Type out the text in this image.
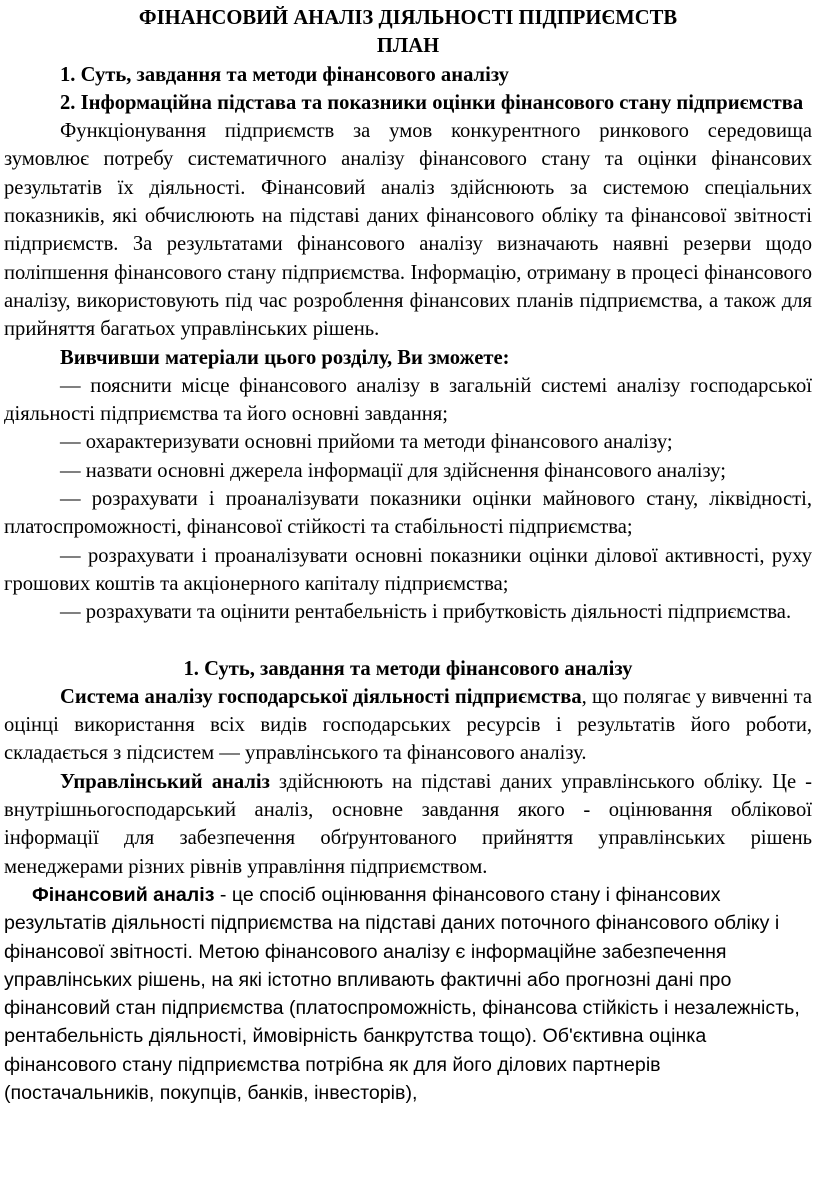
ФІНАНСОВИЙ АНАЛІЗ ДІЯЛЬНОСТІ ПІДПРИЄМСТВ

ПЛАН

1. Суть, завдання та методи фінансового аналізу

2. Інформаційна підстава та показники оцінки фінансового стану підприємства

Функціонування підприємств за умов конкурентного ринкового середовища зумовлює потребу систематичного аналізу фінансового стану та оцінки фінансових результатів їх діяльності. Фінансовий аналіз здійснюють за системою спеціальних показників, які обчислюють на підставі даних фінансового обліку та фінансової звітності підприємств. За результатами фінансового аналізу визначають наявні резерви щодо поліпшення фінансового стану підприємства. Інформацію, отриману в процесі фінансового аналізу, використовують під час розроблення фінансових планів підприємства, а також для прийняття багатьох управлінських рішень.

Вивчивши матеріали цього розділу, Ви зможете:

— пояснити місце фінансового аналізу в загальній системі аналізу господарської діяльності підприємства та його основні завдання;

— охарактеризувати основні прийоми та методи фінансового аналізу;

— назвати основні джерела інформації для здійснення фінансового аналізу;

— розрахувати і проаналізувати показники оцінки майнового стану, ліквідності, платоспроможності, фінансової стійкості та стабільності підприємства;

— розрахувати і проаналізувати основні показники оцінки ділової активності, руху грошових коштів та акціонерного капіталу підприємства;

— розрахувати та оцінити рентабельність і прибутковість діяльності підприємства.

1. Суть, завдання та методи фінансового аналізу

Система аналізу господарської діяльності підприємства, що полягає у вивченні та оцінці використання всіх видів господарських ресурсів і результатів його роботи, складається з підсистем — управлінського та фінансового аналізу.

Управлінський аналіз здійснюють на підставі даних управлінського обліку. Це - внутрішньогосподарський аналіз, основне завдання якого - оцінювання облікової інформації для забезпечення обґрунтованого прийняття управлінських рішень менеджерами різних рівнів управління підприємством.

Фінансовий аналіз - це спосіб оцінювання фінансового стану і фінансових результатів діяльності підприємства на підставі даних поточного фінансового обліку і фінансової звітності. Метою фінансового аналізу є інформаційне забезпечення управлінських рішень, на які істотно впливають фактичні або прогнозні дані про фінансовий стан підприємства (платоспроможність, фінансова стійкість і незалежність, рентабельність діяльності, ймовірність банкрутства тощо). Об'єктивна оцінка фінансового стану підприємства потрібна як для його ділових партнерів (постачальників, покупців, банків, інвесторів),
